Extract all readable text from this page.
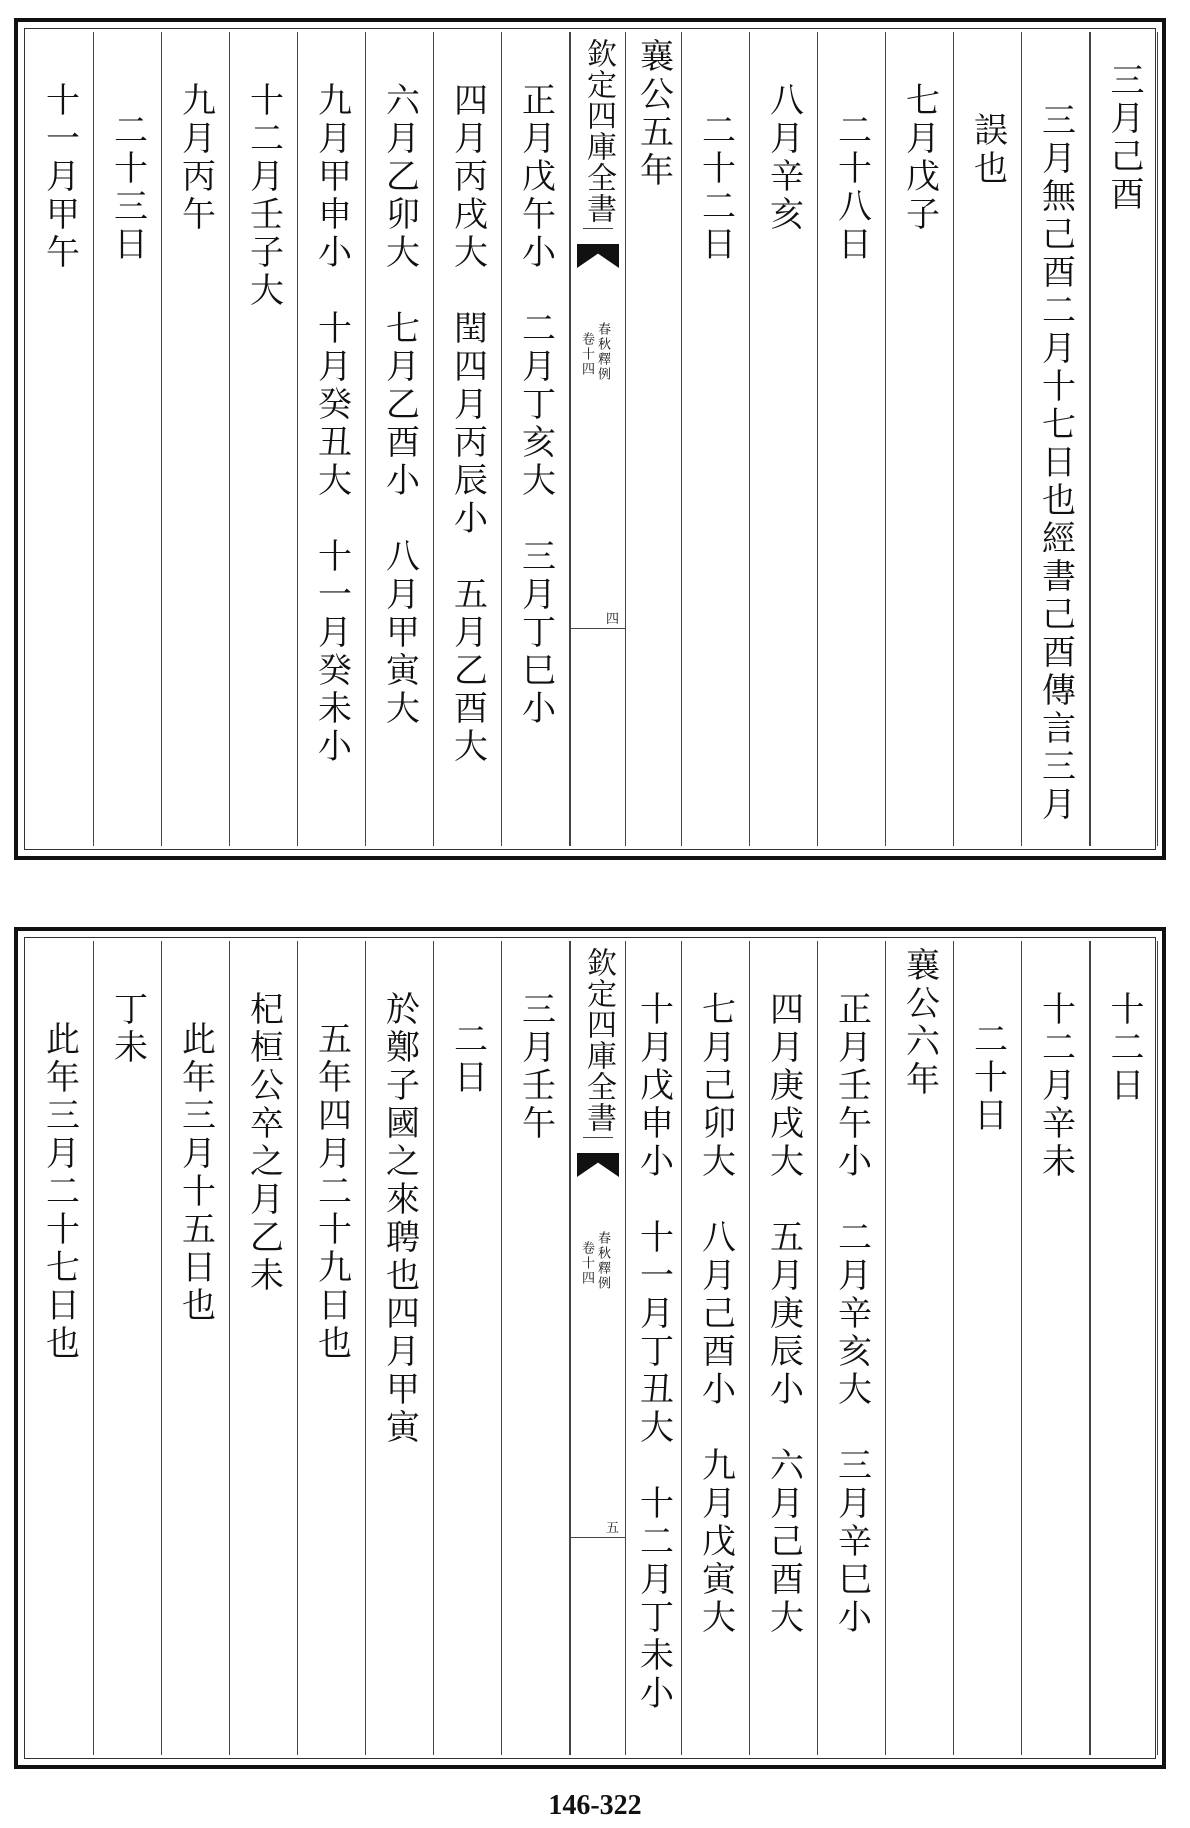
三月己酉
三月無己酉二月十七日也經書己酉傳言三月
誤也
七月戊子
二十八日
八月辛亥
二十二日
襄公五年
欽定四庫全書
春秋釋例
卷十四
四
正月戊午小　二月丁亥大　三月丁巳小
四月丙戌大　閏四月丙辰小　五月乙酉大
六月乙卯大　七月乙酉小　八月甲寅大
九月甲申小　十月癸丑大　十一月癸未小
十二月壬子大
九月丙午
二十三日
十一月甲午
十二日
十二月辛未
二十日
襄公六年
正月壬午小　二月辛亥大　三月辛巳小
四月庚戌大　五月庚辰小　六月己酉大
七月己卯大　八月己酉小　九月戊寅大
十月戊申小　十一月丁丑大　十二月丁未小
欽定四庫全書
春秋釋例
卷十四
五
三月壬午
二日
於鄭子國之來聘也四月甲寅
五年四月二十九日也
杞桓公卒之月乙未
此年三月十五日也
丁未
此年三月二十七日也
146-322
